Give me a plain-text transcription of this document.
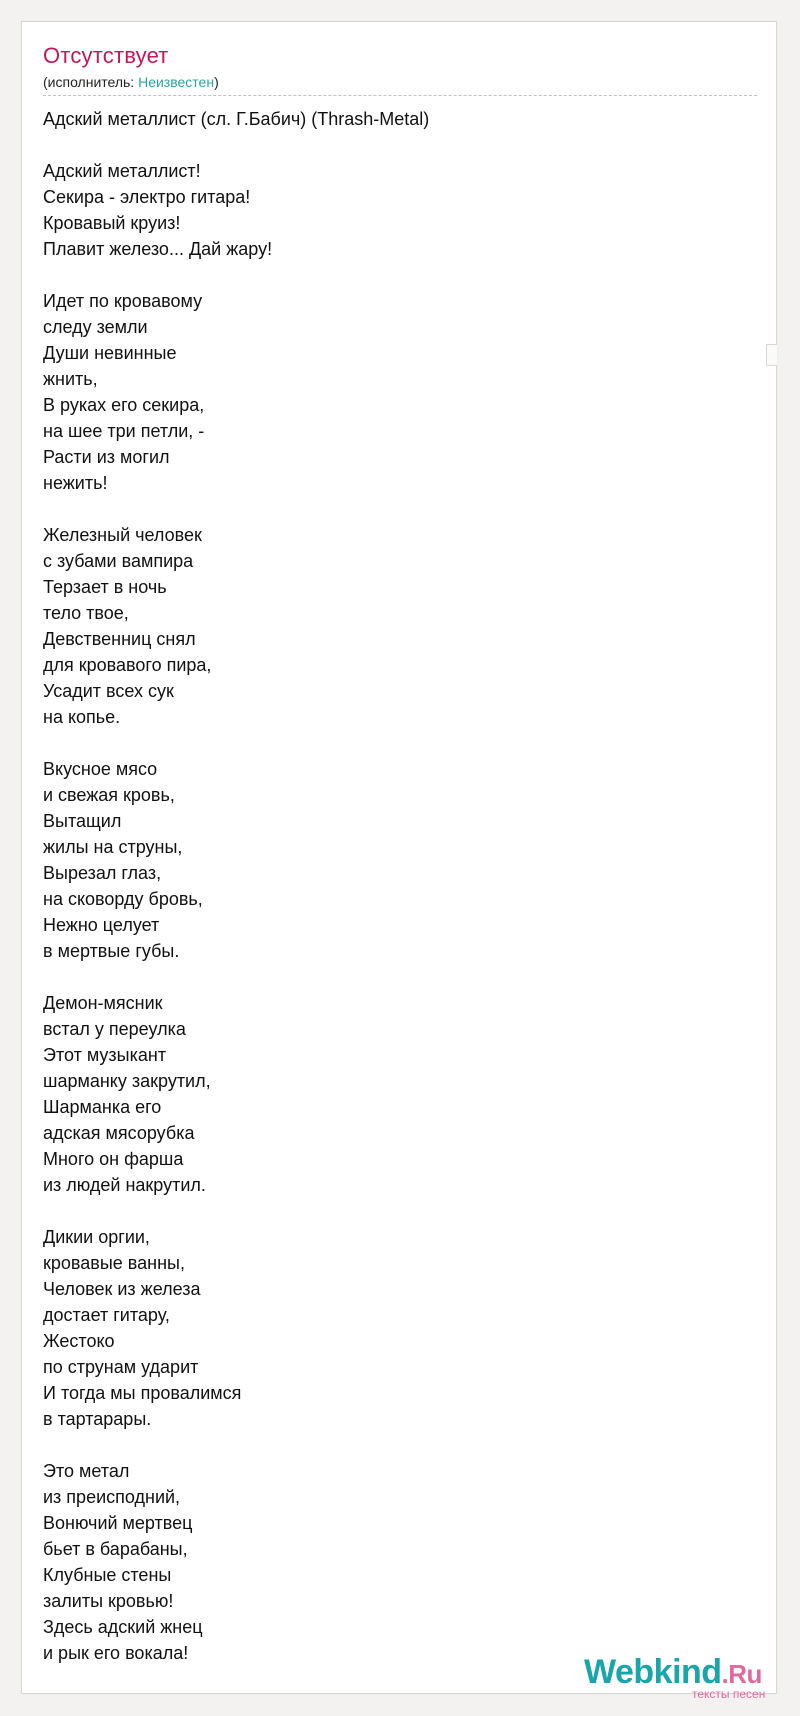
Отсутствует
(исполнитель: Неизвестен)
Адский металлист (сл. Г.Бабич) (Thrash-Metal)
Адский металлист!
Секира - электро гитара!
Кровавый круиз!
Плавит железо... Дай жару!
Идет по кровавому
следу земли
Души невинные
жнить,
В руках его секира,
на шее три петли, -
Расти из могил
нежить!
Железный человек
с зубами вампира
Терзает в ночь
тело твое,
Девственниц снял
для кровавого пира,
Усадит всех сук
на копье.
Вкусное мясо
и свежая кровь,
Вытащил
жилы на струны,
Вырезал глаз,
на сковорду бровь,
Нежно целует
в мертвые губы.
Демон-мясник
встал у переулка
Этот музыкант
шарманку закрутил,
Шарманка его
адская мясорубка
Много он фарша
из людей накрутил.
Дикии оргии,
кровавые ванны,
Человек из железа
достает гитару,
Жестоко
по струнам ударит
И тогда мы провалимся
в тартарары.
Это метал
из преисподний,
Вонючий мертвец
бьет в барабаны,
Клубные стены
залиты кровью!
Здесь адский жнец
и рык его вокала!	Webkind.Ru
тексты песен
